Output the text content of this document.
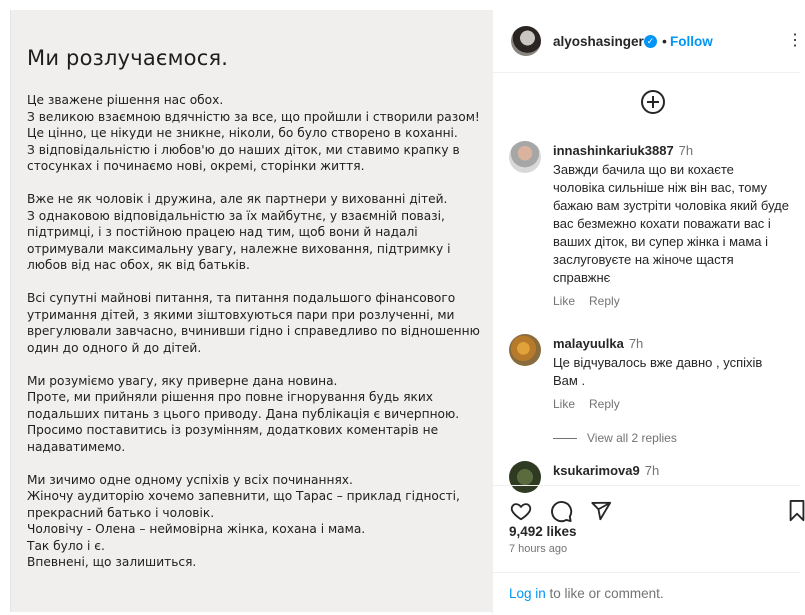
Ми розлучаємося.

Це зважене рішення нас обох.
З великою взаємною вдячністю за все, що пройшли і створили разом!
Це цінно, це нікуди не зникне, ніколи, бо було створено в коханні.
З відповідальністю і любов'ю до наших діток, ми ставимо крапку в стосунках і починаємо нові, окремі, сторінки життя.

Вже не як чоловік і дружина, але як партнери у вихованні дітей.
З однаковою відповідальністю за їх майбутнє, у взаємній повазі, підтримці, і з постійною працею над тим, щоб вони й надалі отримували максимальну увагу, належне виховання, підтримку і любов від нас обох, як від батьків.

Всі супутні майнові питання, та питання подальшого фінансового утримання дітей, з якими зіштовхуються пари при розлученні, ми врегулювали завчасно, вчинивши гідно і справедливо по відношенню один до одного й до дітей.

Ми розуміємо увагу, яку приверне дана новина.
Проте, ми прийняли рішення про повне ігнорування будь яких подальших питань з цього приводу. Дана публікація є вичерпною.
Просимо поставитись із розумінням, додаткових коментарів не надаватимемо.

Ми зичимо одне одному успіхів у всіх починаннях.
Жіночу аудиторію хочемо запевнити, що Тарас – приклад гідності, прекрасний батько і чоловік.
Чоловічу - Олена – неймовірна жінка, кохана і мама.
Так було і є.
Впевнені, що залишиться.

alyoshasinger ✓ • Follow	⋮
innashinkariuk3887 7h
Завжди бачила що ви кохаєте чоловіка сильніше ніж він вас, тому бажаю вам зустріти чоловіка який буде вас безмежно кохати поважати вас і ваших діток, ви супер жінка і мама і заслуговуєте на жіноче щастя справжнє
Like Reply
malayuulka 7h
Це відчувалось вже давно , успіхів Вам .
Like Reply
View all 2 replies
ksukarimova9 7h
9,492 likes
7 hours ago
Log in to like or comment.
